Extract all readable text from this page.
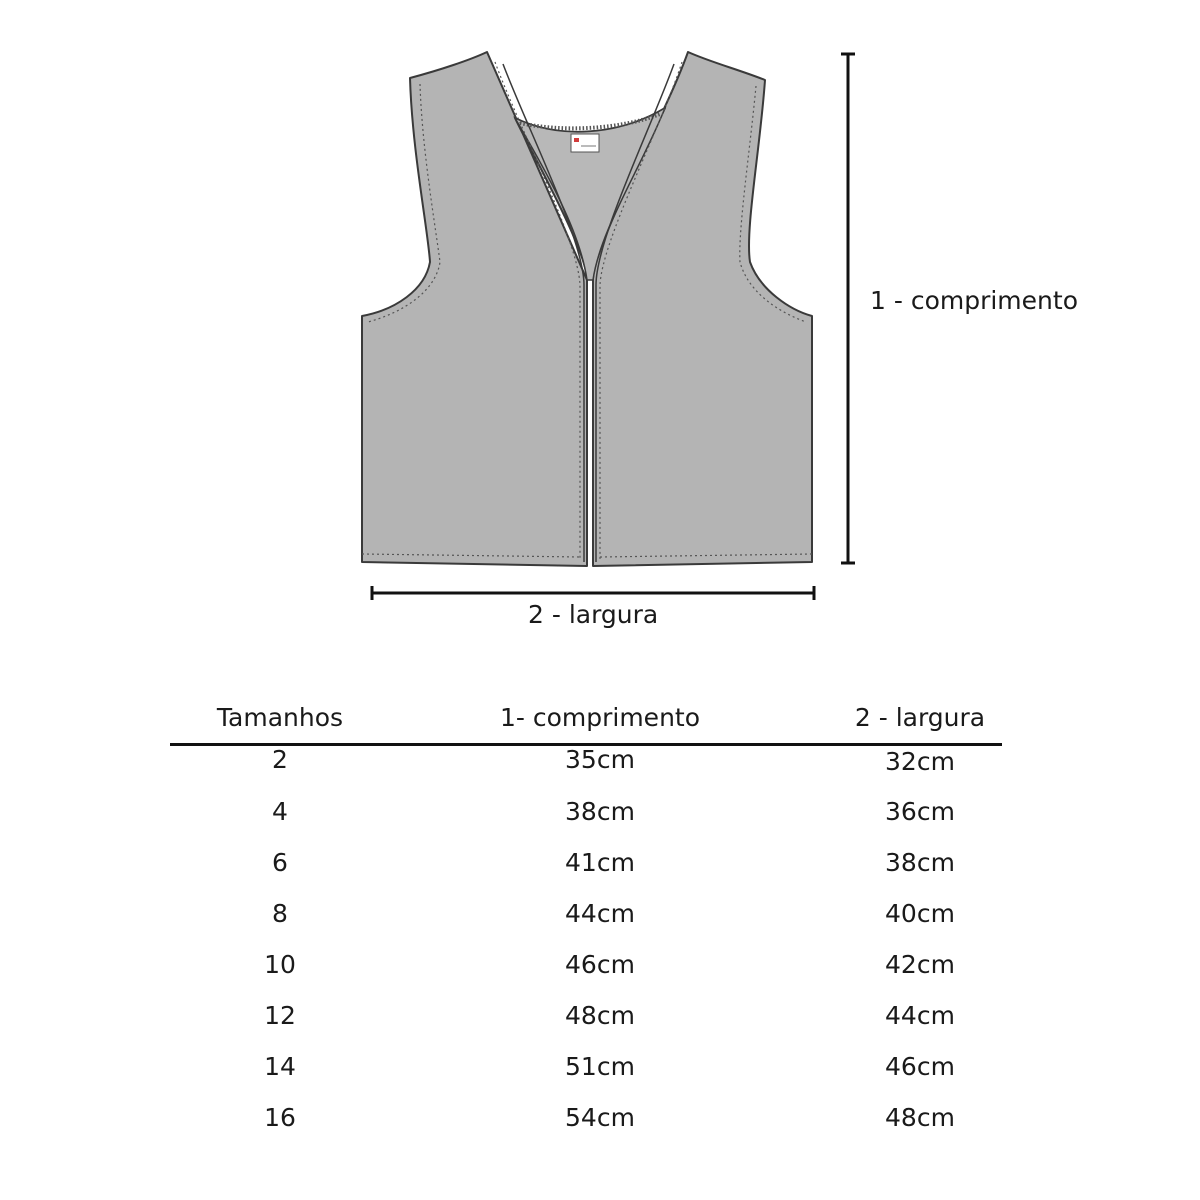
1 - comprimento
2 - largura
Tamanhos	1- comprimento	2 - largura
2	35cm	32cm
4	38cm	36cm
6	41cm	38cm
8	44cm	40cm
10	46cm	42cm
12	48cm	44cm
14	51cm	46cm
16	54cm	48cm
